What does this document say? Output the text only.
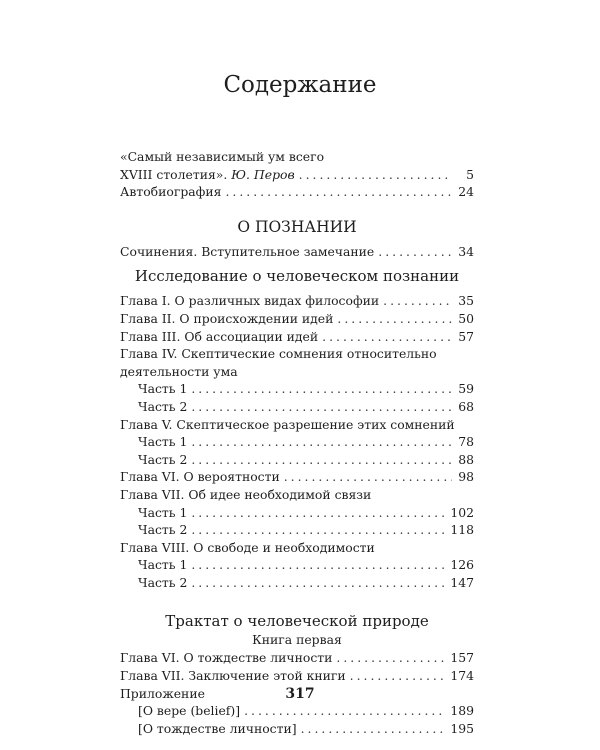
Содержание
«Самый независимый ум всего
XVIII столетия». Ю. Перов .....	5
Автобиография .....	24
О ПОЗНАНИИ
Сочинения. Вступительное замечание .....	34
Исследование о человеческом познании
Глава I. О различных видах философии .....	35
Глава II. О происхождении идей .....	50
Глава III. Об ассоциации идей .....	57
Глава IV. Скептические сомнения относительно
деятельности ума
Часть 1 .....	59
Часть 2 .....	68
Глава V. Скептическое разрешение этих сомнений
Часть 1 .....	78
Часть 2 .....	88
Глава VI. О вероятности .....	98
Глава VII. Об идее необходимой связи
Часть 1 .....	102
Часть 2 .....	118
Глава VIII. О свободе и необходимости
Часть 1 .....	126
Часть 2 .....	147
Трактат о человеческой природе
Книга первая
Глава VI. О тождестве личности .....	157
Глава VII. Заключение этой книги .....	174
Приложение
[О вере (belief)] .....	189
[О тождестве личности] .....	195
317
